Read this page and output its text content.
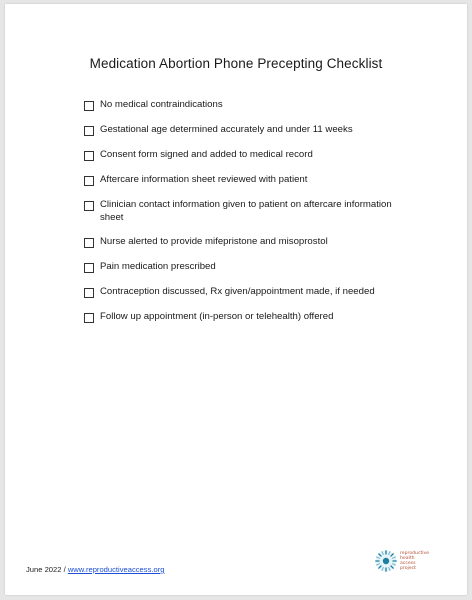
Medication Abortion Phone Precepting Checklist
No medical contraindications
Gestational age determined accurately and under 11 weeks
Consent form signed and added to medical record
Aftercare information sheet reviewed with patient
Clinician contact information given to patient on aftercare information sheet
Nurse alerted to provide mifepristone and misoprostol
Pain medication prescribed
Contraception discussed, Rx given/appointment made, if needed
Follow up appointment (in-person or telehealth) offered
June 2022 / www.reproductiveaccess.org
reproductive
health
access
project
